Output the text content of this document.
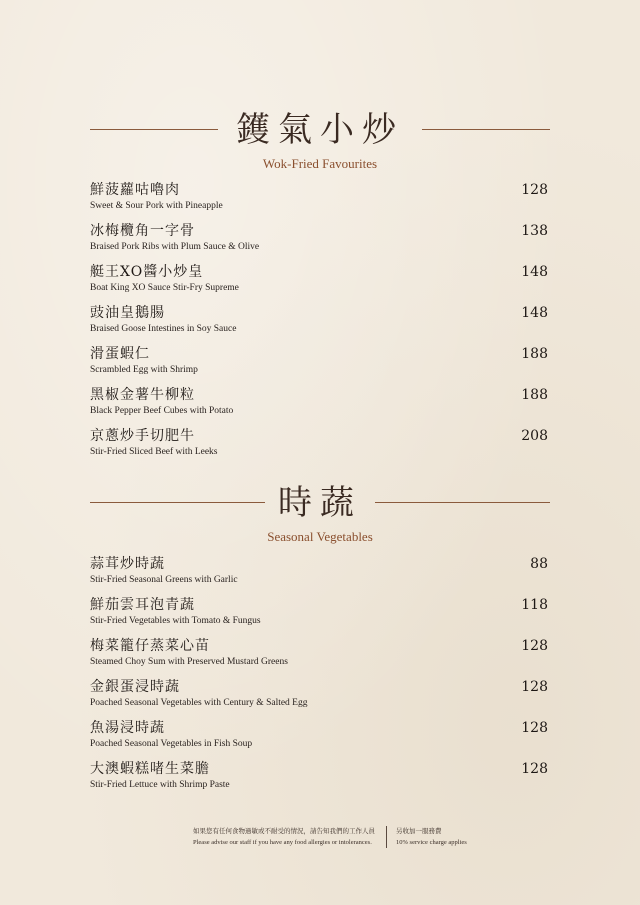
鑊氣小炒
Wok-Fried Favourites
鮮菠蘿咕嚕肉
Sweet & Sour Pork with Pineapple
128
冰梅欖角一字骨
Braised Pork Ribs with Plum Sauce & Olive
138
艇王XO醬小炒皇
Boat King XO Sauce Stir-Fry Supreme
148
豉油皇鵝腸
Braised Goose Intestines in Soy Sauce
148
滑蛋蝦仁
Scrambled Egg with Shrimp
188
黑椒金薯牛柳粒
Black Pepper Beef Cubes with Potato
188
京蔥炒手切肥牛
Stir-Fried Sliced Beef with Leeks
208
時蔬
Seasonal Vegetables
蒜茸炒時蔬
Stir-Fried Seasonal Greens with Garlic
88
鮮茄雲耳泡青蔬
Stir-Fried Vegetables with Tomato & Fungus
118
梅菜籠仔蒸菜心苗
Steamed Choy Sum with Preserved Mustard Greens
128
金銀蛋浸時蔬
Poached Seasonal Vegetables with Century & Salted Egg
128
魚湯浸時蔬
Poached Seasonal Vegetables in Fish Soup
128
大澳蝦糕啫生菜膽
Stir-Fried Lettuce with Shrimp Paste
128
如果您有任何食物過敏或不耐受的情況，請告知我們的工作人員
Please advise our staff if you have any food allergies or intolerances.
另收加一服務費
10% service charge applies
